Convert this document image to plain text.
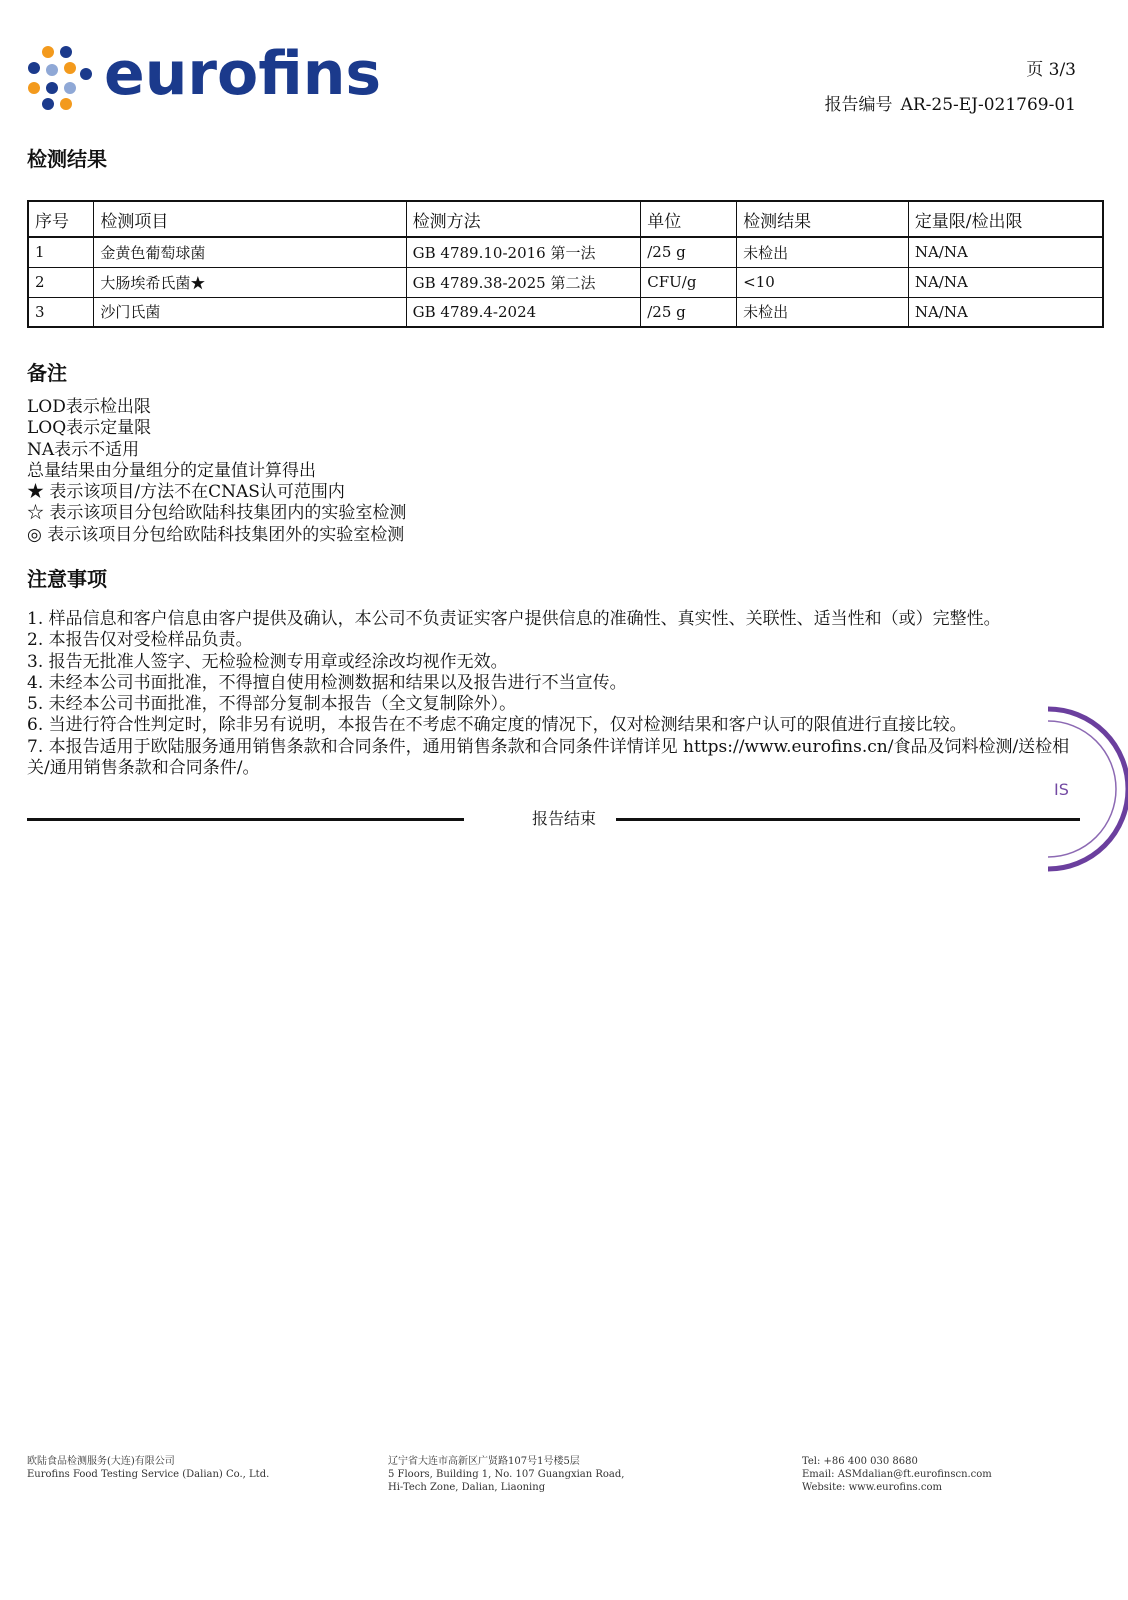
eurofins	页 3/3
报告编号 AR-25-EJ-021769-01
检测结果
序号	检测项目	检测方法	单位	检测结果	定量限/检出限
1	金黄色葡萄球菌	GB 4789.10-2016 第一法	/25 g	未检出	NA/NA
2	大肠埃希氏菌★	GB 4789.38-2025 第二法	CFU/g	<10	NA/NA
3	沙门氏菌	GB 4789.4-2024	/25 g	未检出	NA/NA
备注
LOD表示检出限
LOQ表示定量限
NA表示不适用
总量结果由分量组分的定量值计算得出
★ 表示该项目/方法不在CNAS认可范围内
☆ 表示该项目分包给欧陆科技集团内的实验室检测
◎ 表示该项目分包给欧陆科技集团外的实验室检测
注意事项
1. 样品信息和客户信息由客户提供及确认，本公司不负责证实客户提供信息的准确性、真实性、关联性、适当性和（或）完整性。
2. 本报告仅对受检样品负责。
3. 报告无批准人签字、无检验检测专用章或经涂改均视作无效。
4. 未经本公司书面批准，不得擅自使用检测数据和结果以及报告进行不当宣传。
5. 未经本公司书面批准，不得部分复制本报告（全文复制除外）。
6. 当进行符合性判定时，除非另有说明，本报告在不考虑不确定度的情况下，仅对检测结果和客户认可的限值进行直接比较。
7. 本报告适用于欧陆服务通用销售条款和合同条件，通用销售条款和合同条件详情详见 https://www.eurofins.cn/食品及饲料检测/送检相关/通用销售条款和合同条件/。
报告结束
IS
欧陆食品检测服务(大连)有限公司
Eurofins Food Testing Service (Dalian) Co., Ltd.
辽宁省大连市高新区广贤路107号1号楼5层
5 Floors, Building 1, No. 107 Guangxian Road,
Hi-Tech Zone, Dalian, Liaoning
Tel: +86 400 030 8680
Email: ASMdalian@ft.eurofinscn.com
Website: www.eurofins.com
